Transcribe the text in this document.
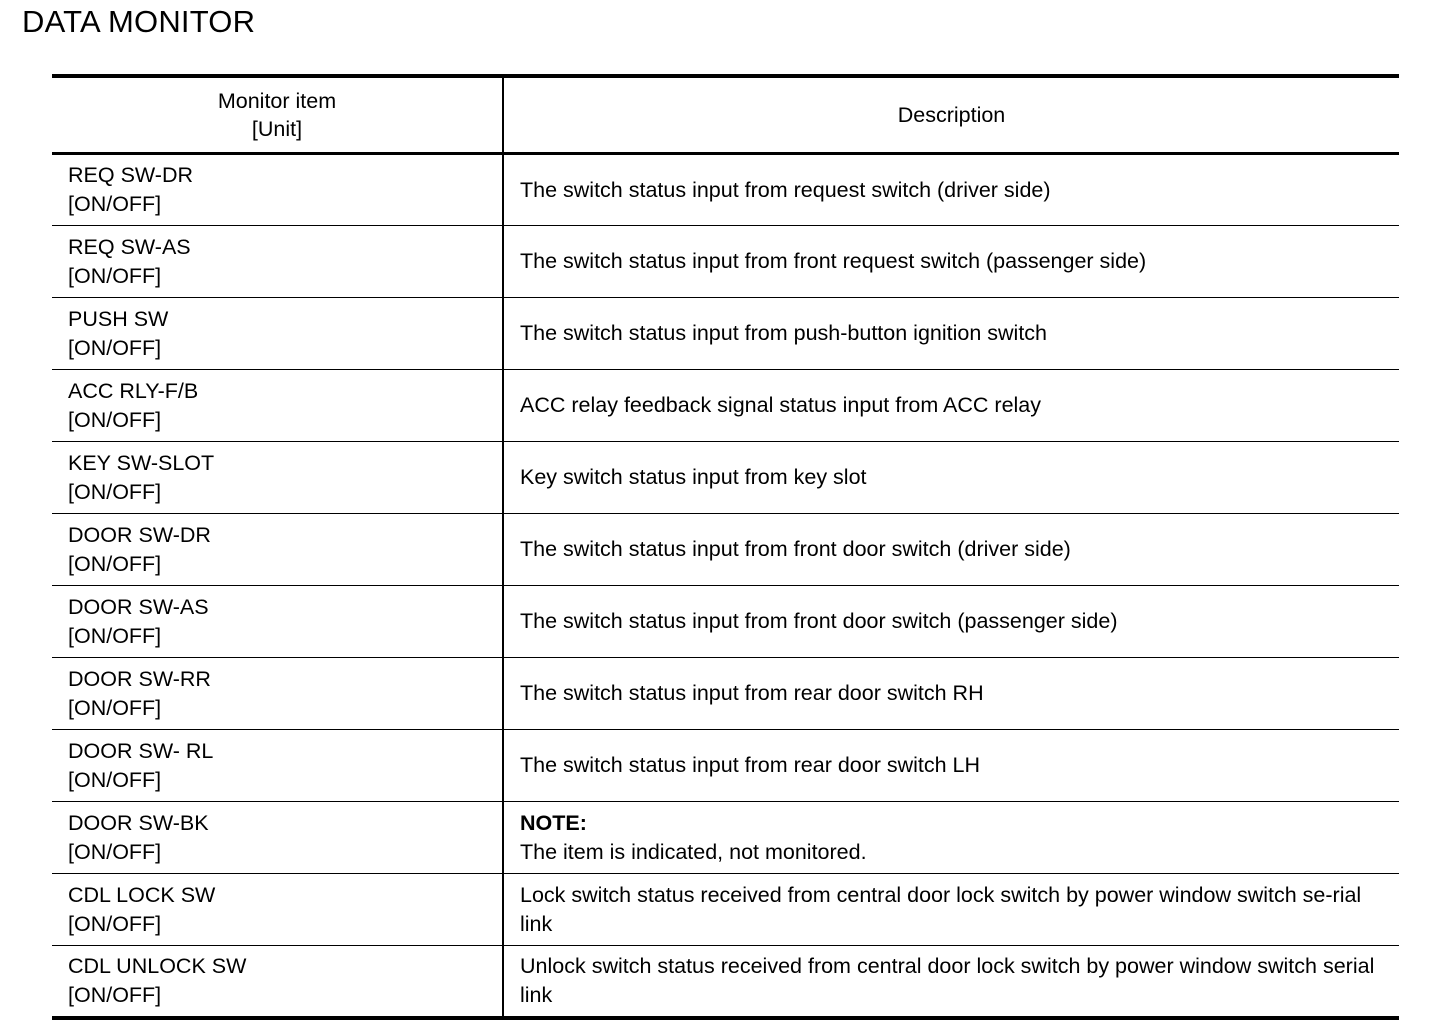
DATA MONITOR
Monitor item
[Unit]	Description

REQ SW-DR
[ON/OFF]	The switch status input from request switch (driver side)

REQ SW-AS
[ON/OFF]	The switch status input from front request switch (passenger side)

PUSH SW
[ON/OFF]	The switch status input from push-button ignition switch

ACC RLY-F/B
[ON/OFF]	ACC relay feedback signal status input from ACC relay

KEY SW-SLOT
[ON/OFF]	Key switch status input from key slot

DOOR SW-DR
[ON/OFF]	The switch status input from front door switch (driver side)

DOOR SW-AS
[ON/OFF]	The switch status input from front door switch (passenger side)

DOOR SW-RR
[ON/OFF]	The switch status input from rear door switch RH

DOOR SW- RL
[ON/OFF]	The switch status input from rear door switch LH

DOOR SW-BK
[ON/OFF]	NOTE:
The item is indicated, not monitored.

CDL LOCK SW
[ON/OFF]	Lock switch status received from central door lock switch by power window switch se-rial link

CDL UNLOCK SW
[ON/OFF]	Unlock switch status received from central door lock switch by power window switch serial link
